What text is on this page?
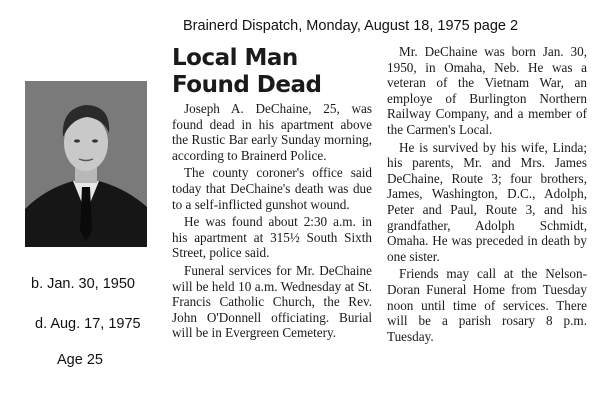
Brainerd Dispatch, Monday, August 18, 1975 page 2
b. Jan. 30, 1950
d. Aug. 17, 1975
Age 25
Local Man
Found Dead

Joseph A. DeChaine, 25, was found dead in his apartment above the Rustic Bar early Sunday morning, according to Brainerd Police.

The county coroner's office said today that DeChaine's death was due to a self-inflicted gunshot wound.

He was found about 2:30 a.m. in his apartment at 315½ South Sixth Street, police said.

Funeral services for Mr. DeChaine will be held 10 a.m. Wednesday at St. Francis Catholic Church, the Rev. John O'Donnell officiating. Burial will be in Evergreen Cemetery.

Mr. DeChaine was born Jan. 30, 1950, in Omaha, Neb. He was a veteran of the Vietnam War, an employe of Burlington Northern Railway Company, and a member of the Carmen's Local.

He is survived by his wife, Linda; his parents, Mr. and Mrs. James DeChaine, Route 3; four brothers, James, Washington, D.C., Adolph, Peter and Paul, Route 3, and his grandfather, Adolph Schmidt, Omaha. He was preceded in death by one sister.

Friends may call at the Nelson-Doran Funeral Home from Tuesday noon until time of services. There will be a parish rosary 8 p.m. Tuesday.
